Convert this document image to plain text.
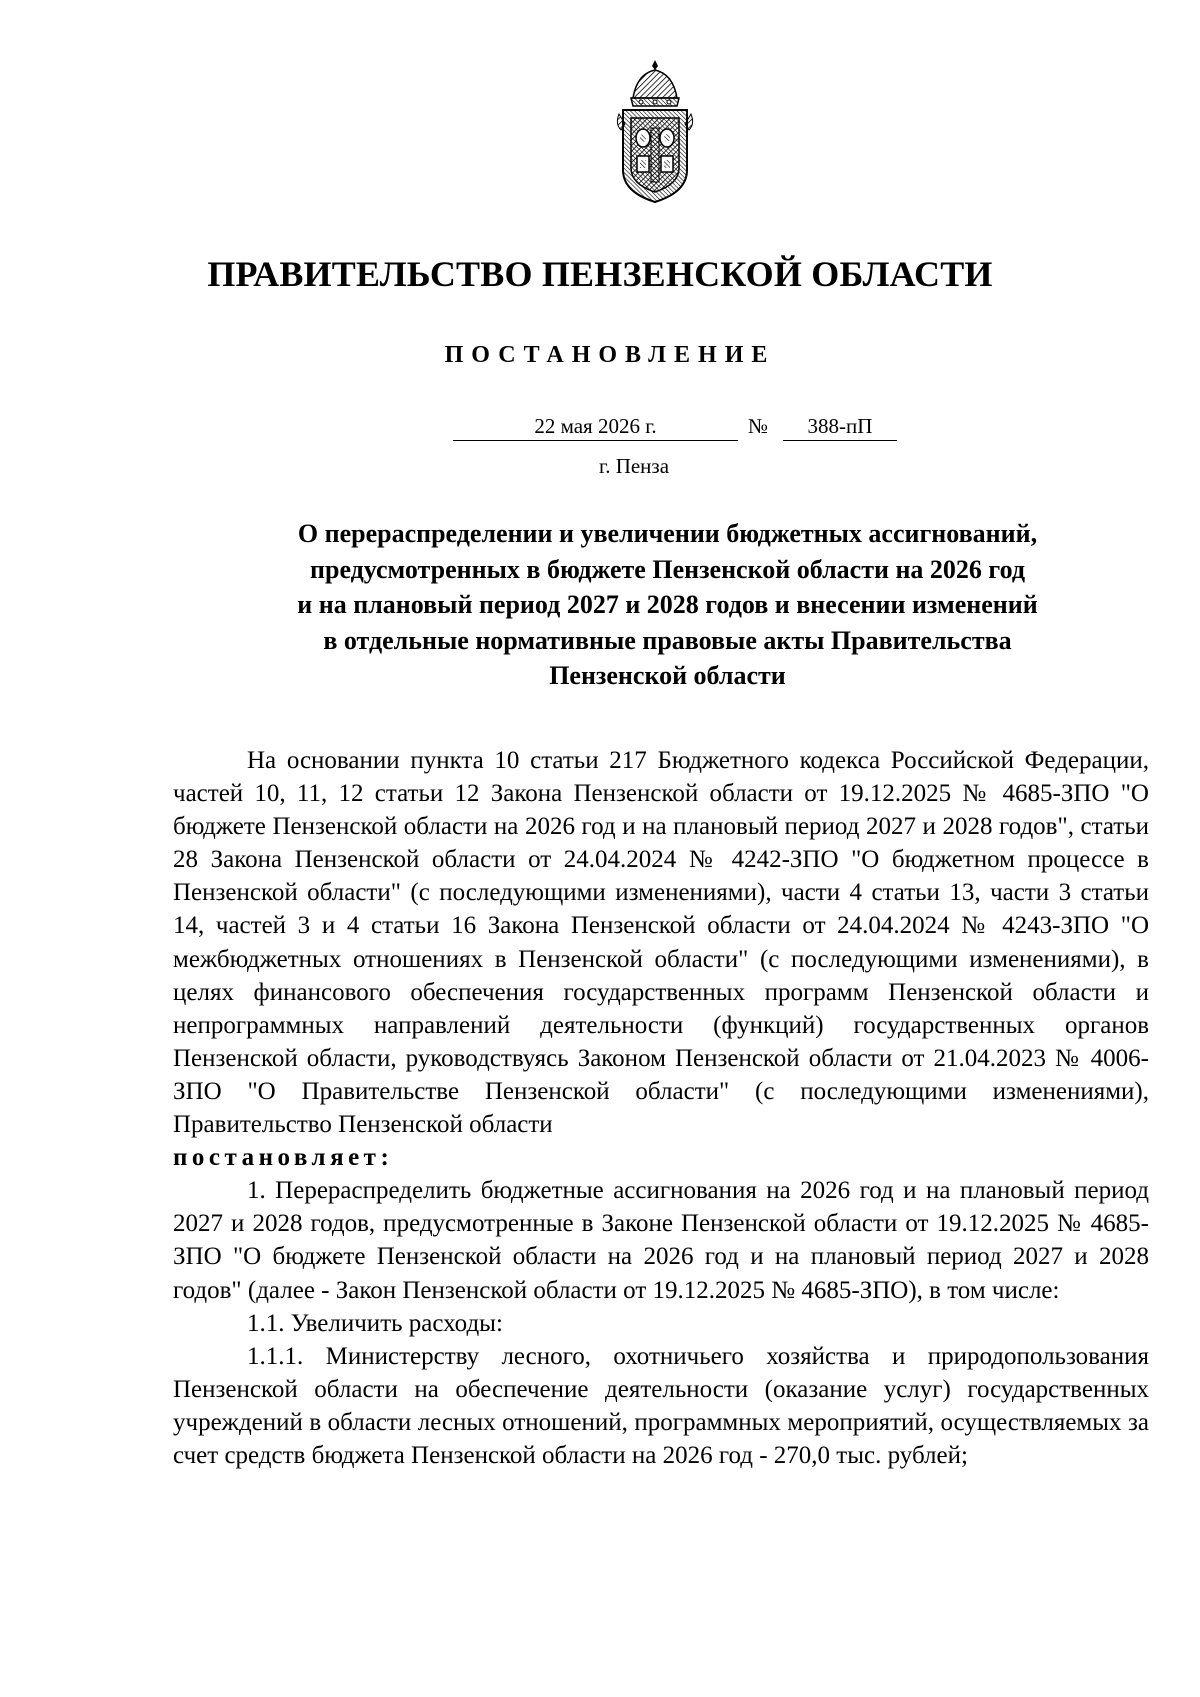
ПРАВИТЕЛЬСТВО ПЕНЗЕНСКОЙ ОБЛАСТИ
ПОСТАНОВЛЕНИЕ
22 мая 2026 г.	№	388-пП
г. Пенза
О перераспределении и увеличении бюджетных ассигнований,
предусмотренных в бюджете Пензенской области на 2026 год
и на плановый период 2027 и 2028 годов и внесении изменений
в отдельные нормативные правовые акты Правительства
Пензенской области

На основании пункта 10 статьи 217 Бюджетного кодекса Российской Федерации, частей 10, 11, 12 статьи 12 Закона Пензенской области от 19.12.2025 № 4685-ЗПО "О бюджете Пензенской области на 2026 год и на плановый период 2027 и 2028 годов", статьи 28 Закона Пензенской области от 24.04.2024 № 4242-ЗПО "О бюджетном процессе в Пензенской области" (с последующими изменениями), части 4 статьи 13, части 3 статьи 14, частей 3 и 4 статьи 16 Закона Пензенской области от 24.04.2024 № 4243-ЗПО "О межбюджетных отношениях в Пензенской области" (с последующими изменениями), в целях финансового обеспечения государственных программ Пензенской области и непрограммных направлений деятельности (функций) государственных органов Пензенской области, руководствуясь Законом Пензенской области от 21.04.2023 № 4006-ЗПО "О Правительстве Пензенской области" (с последующими изменениями), Правительство Пензенской области

постановляет:

1. Перераспределить бюджетные ассигнования на 2026 год и на плановый период 2027 и 2028 годов, предусмотренные в Законе Пензенской области от 19.12.2025 № 4685-ЗПО "О бюджете Пензенской области на 2026 год и на плановый период 2027 и 2028 годов" (далее - Закон Пензенской области от 19.12.2025 № 4685-ЗПО), в том числе:

1.1. Увеличить расходы:

1.1.1. Министерству лесного, охотничьего хозяйства и природопользования Пензенской области на обеспечение деятельности (оказание услуг) государственных учреждений в области лесных отношений, программных мероприятий, осуществляемых за счет средств бюджета Пензенской области на 2026 год - 270,0 тыс. рублей;
